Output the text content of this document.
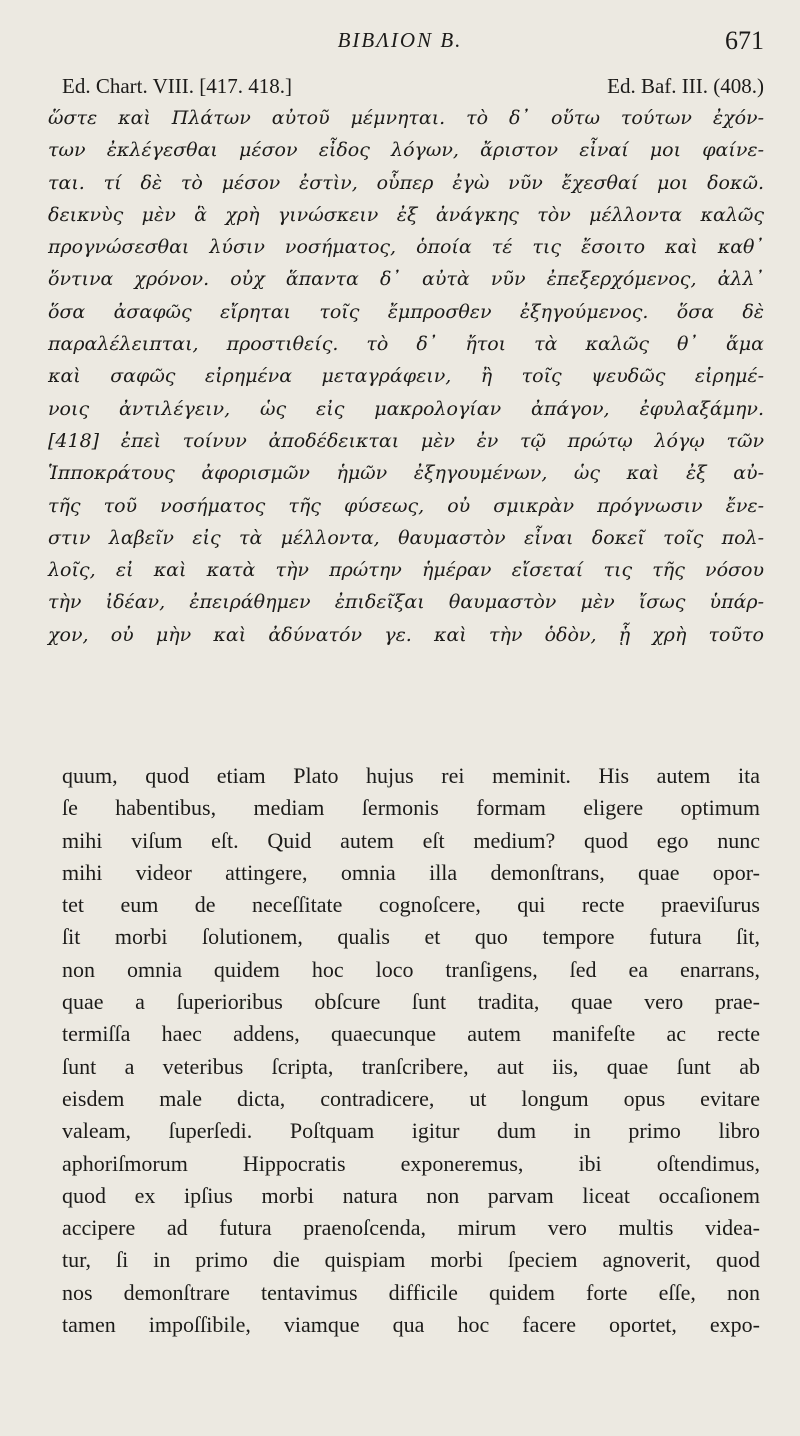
BIBΛΙΟΝ Β.	671
Ed. Chart. VIII. [417. 418.]	Ed. Baf. III. (408.)
ὥστε καὶ Πλάτων αὐτοῦ μέμνηται. τὸ δ᾽ οὕτω τούτων ἐχόν-
των ἐκλέγεσθαι μέσον εἶδος λόγων, ἄριστον εἶναί μοι φαίνε-
ται. τί δὲ τὸ μέσον ἐστὶν, οὗπερ ἐγὼ νῦν ἔχεσθαί μοι δοκῶ.
δεικνὺς μὲν ἃ χρὴ γινώσκειν ἐξ ἀνάγκης τὸν μέλλοντα καλῶς
προγνώσεσθαι λύσιν νοσήματος, ὁποία τέ τις ἔσοιτο καὶ καθ᾽
ὅντινα χρόνον. οὐχ ἅπαντα δ᾽ αὐτὰ νῦν ἐπεξερχόμενος, ἀλλ᾽
ὅσα ἀσαφῶς εἴρηται τοῖς ἔμπροσθεν ἐξηγούμενος. ὅσα δὲ
παραλέλειπται, προστιθείς. τὸ δ᾽ ἤτοι τὰ καλῶς θ᾽ ἅμα
καὶ σαφῶς εἰρημένα μεταγράφειν, ἢ τοῖς ψευδῶς εἰρημέ-
νοις ἀντιλέγειν, ὡς εἰς μακρολογίαν ἀπάγον, ἐφυλαξάμην.
[418] ἐπεὶ τοίνυν ἀποδέδεικται μὲν ἐν τῷ πρώτῳ λόγῳ τῶν
Ἱπποκράτους ἀφορισμῶν ἡμῶν ἐξηγουμένων, ὡς καὶ ἐξ αὐ-
τῆς τοῦ νοσήματος τῆς φύσεως, οὐ σμικρὰν πρόγνωσιν ἔνε-
στιν λαβεῖν εἰς τὰ μέλλοντα, θαυμαστὸν εἶναι δοκεῖ τοῖς πολ-
λοῖς, εἰ καὶ κατὰ τὴν πρώτην ἡμέραν εἴσεταί τις τῆς νόσου
τὴν ἰδέαν, ἐπειράθημεν ἐπιδεῖξαι θαυμαστὸν μὲν ἴσως ὑπάρ-
χον, οὐ μὴν καὶ ἀδύνατόν γε. καὶ τὴν ὁδὸν, ᾗ χρὴ τοῦτο
quum, quod etiam Plato hujus rei meminit. His autem ita
ſe habentibus, mediam ſermonis formam eligere optimum
mihi viſum eſt. Quid autem eſt medium? quod ego nunc
mihi videor attingere, omnia illa demonſtrans, quae opor-
tet eum de neceſſitate cognoſcere, qui recte praeviſurus
ſit morbi ſolutionem, qualis et quo tempore futura ſit,
non omnia quidem hoc loco tranſigens, ſed ea enarrans,
quae a ſuperioribus obſcure ſunt tradita, quae vero prae-
termiſſa haec addens, quaecunque autem manifeſte ac recte
ſunt a veteribus ſcripta, tranſcribere, aut iis, quae ſunt ab
eisdem male dicta, contradicere, ut longum opus evitare
valeam, ſuperſedi. Poſtquam igitur dum in primo libro
aphoriſmorum Hippocratis exponeremus, ibi oſtendimus,
quod ex ipſius morbi natura non parvam liceat occaſionem
accipere ad futura praenoſcenda, mirum vero multis videa-
tur, ſi in primo die quispiam morbi ſpeciem agnoverit, quod
nos demonſtrare tentavimus difficile quidem forte eſſe, non
tamen impoſſibile, viamque qua hoc facere oportet, expo-
